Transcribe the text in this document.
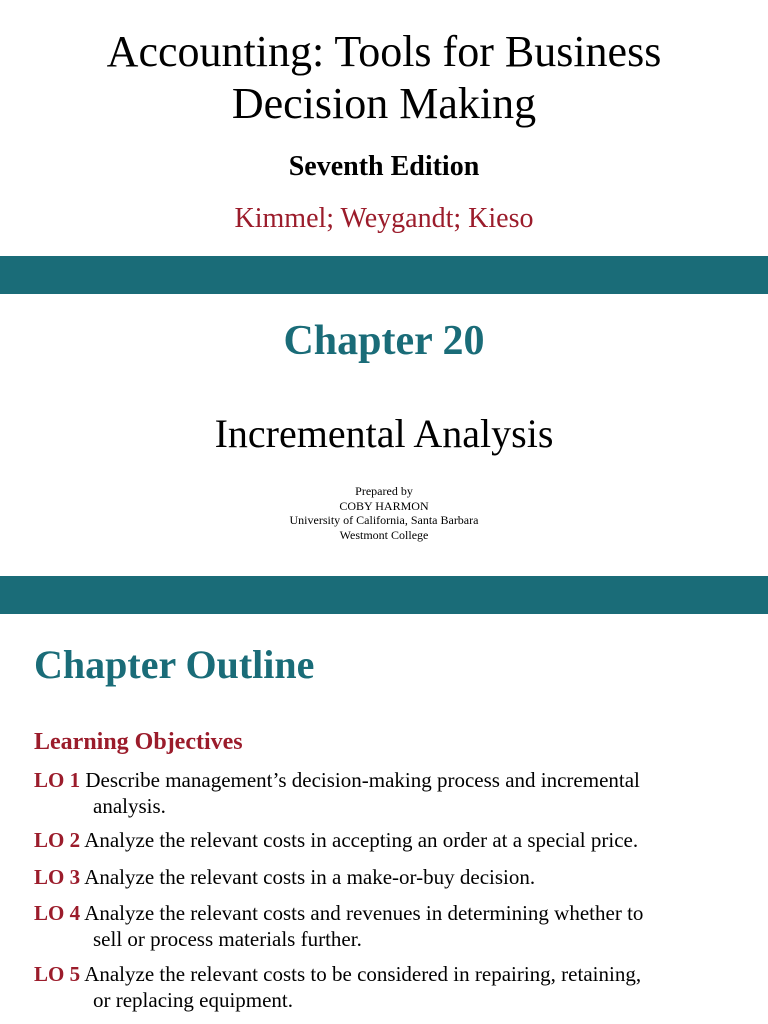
Accounting: Tools for Business
Decision Making
Seventh Edition
Kimmel; Weygandt; Kieso
Chapter 20
Incremental Analysis
Prepared by
COBY HARMON
University of California, Santa Barbara
Westmont College
Chapter Outline
Learning Objectives
LO 1 Describe management’s decision-making process and incremental
analysis.
LO 2 Analyze the relevant costs in accepting an order at a special price.
LO 3 Analyze the relevant costs in a make-or-buy decision.
LO 4 Analyze the relevant costs and revenues in determining whether to
sell or process materials further.
LO 5 Analyze the relevant costs to be considered in repairing, retaining,
or replacing equipment.
